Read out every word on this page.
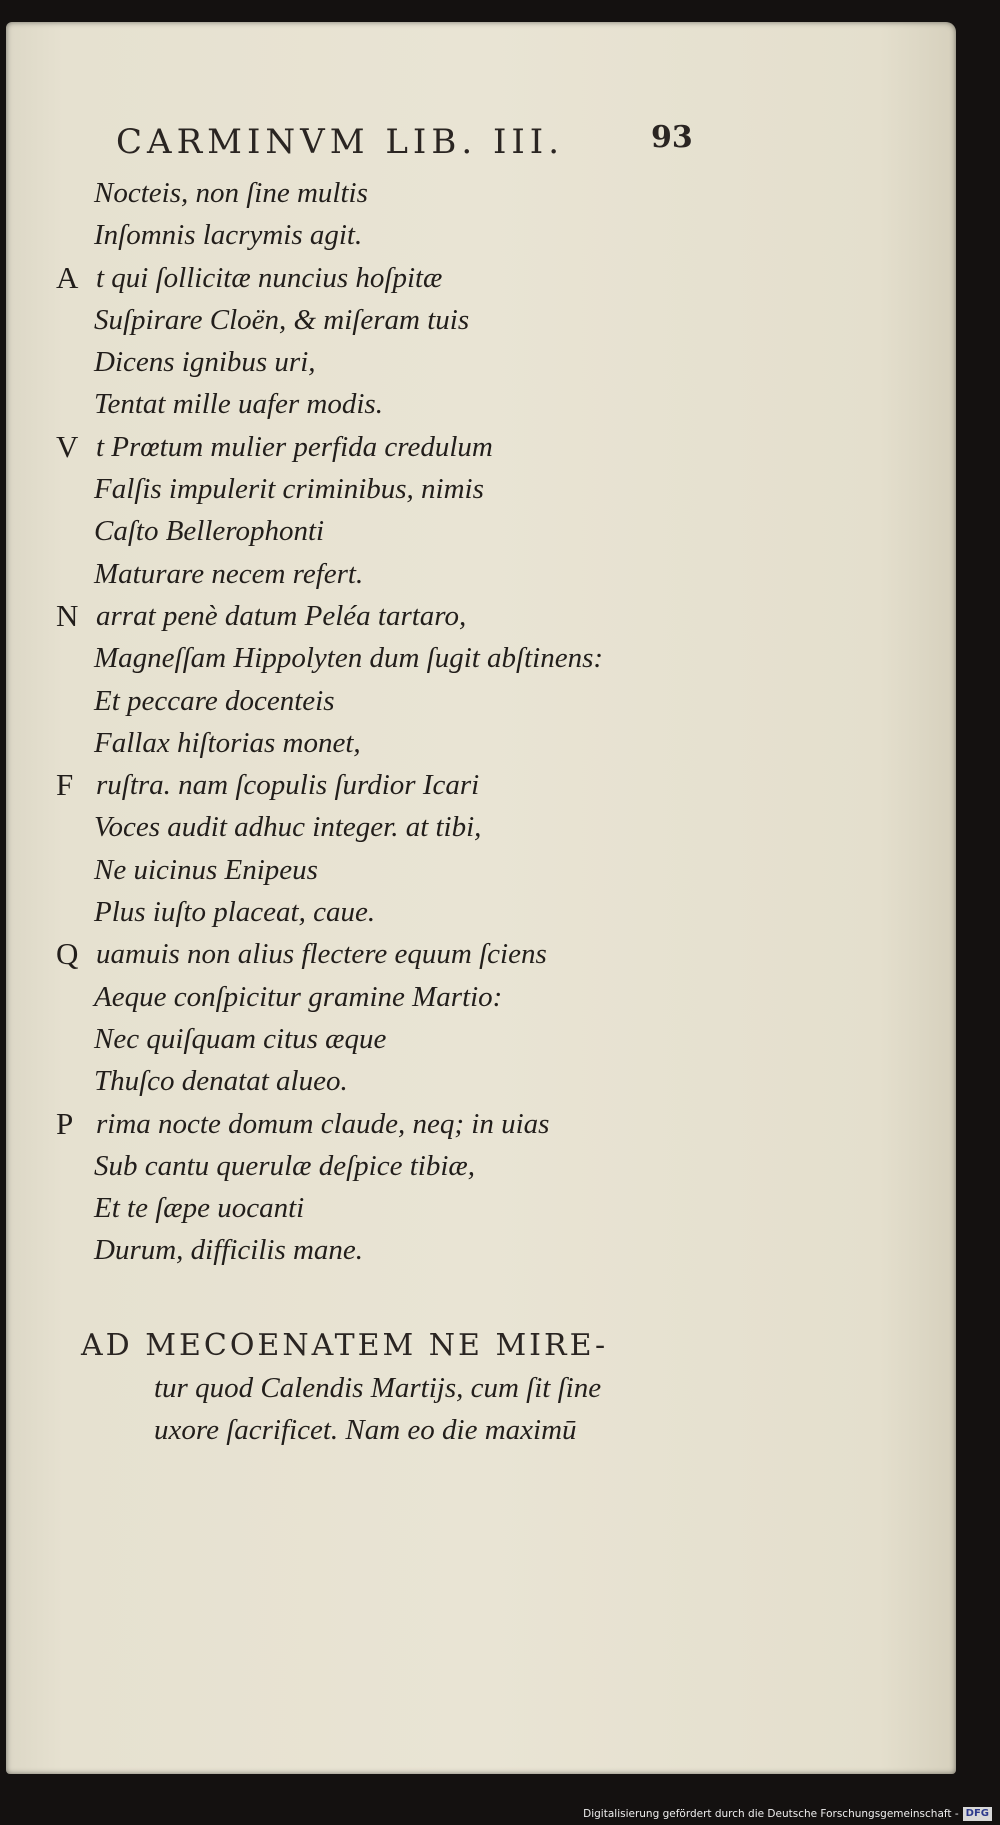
CARMINVM LIB. III.	93
Nocteis, non ſine multis
Inſomnis lacrymis agit.
A t qui ſollicitæ nuncius hoſpitæ
Suſpirare Cloën, & miſeram tuis
Dicens ignibus uri,
Tentat mille uafer modis.
V t Prœtum mulier perfida credulum
Falſis impulerit criminibus, nimis
Caſto Bellerophonti
Maturare necem refert.
N arrat penè datum Peléa tartaro,
Magneſſam Hippolyten dum ſugit abſtinens:
Et peccare docenteis
Fallax hiſtorias monet,
F ruſtra. nam ſcopulis ſurdior Icari
Voces audit adhuc integer. at tibi,
Ne uicinus Enipeus
Plus iuſto placeat, caue.
Q uamuis non alius flectere equum ſciens
Aeque conſpicitur gramine Martio:
Nec quiſquam citus æque
Thuſco denatat alueo.
P rima nocte domum claude, neq; in uias
Sub cantu querulæ deſpice tibiæ,
Et te ſæpe uocanti
Durum, difficilis mane.
AD MECOENATEM NE MIRE-
tur quod Calendis Martijs, cum ſit ſine
uxore ſacrificet. Nam eo die maximū
Digitalisierung gefördert durch die Deutsche Forschungsgemeinschaft - DFG
